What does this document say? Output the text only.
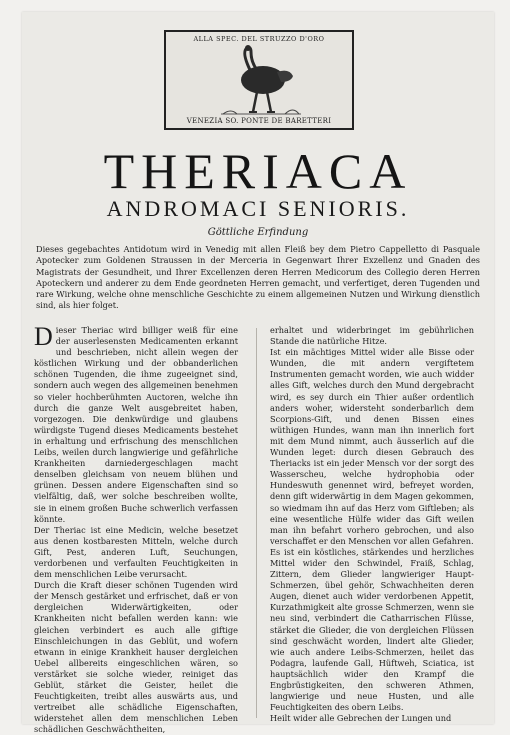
ALLA SPEC. DEL STRUZZO D'ORO
VENEZIA SO. PONTE DE BARETTERI
THERIACA
ANDROMACI SENIORIS.
Göttliche Erfindung
Dieses gegebachtes Antidotum wird in Venedig mit allen Fleiß bey dem Pietro Cappelletto di Pasquale Apotecker zum Goldenen Straussen in der Merceria in Gegenwart Ihrer Exzellenz und Gnaden des Magistrats der Gesundheit, und Ihrer Excellenzen deren Herren Medicorum des Collegio deren Herren Apoteckern und anderer zu dem Ende geordneten Herren gemacht, und verfertiget, deren Tugenden und rare Wirkung, welche ohne menschliche Geschichte zu einem allgemeinen Nutzen und Wirkung dienstlich sind, als hier folget.

Dieser Theriac wird billiger weiß für eine der auserlesensten Medicamenten erkannt und beschrieben, nicht allein wegen der köstlichen Wirkung und der obbanderlichen schönen Tugenden, die ihme zugeeignet sind, sondern auch wegen des allgemeinen benehmen so vieler hochberühmten Auctoren, welche ihn durch die ganze Welt ausgebreitet haben, vorgezogen. Die denkwürdige und glaubens würdigste Tugend dieses Medicaments bestehet in erhaltung und erfrischung des menschlichen Leibs, weilen durch langwierige und gefährliche Krankheiten darniedergeschlagen macht denselben gleichsam von neuem blühen und grünen. Dessen andere Eigenschaften sind so vielfältig, daß, wer solche beschreiben wollte, sie in einem großen Buche schwerlich verfassen könnte.

Der Theriac ist eine Medicin, welche besetzet aus denen kostbaresten Mitteln, welche durch Gift, Pest, anderen Luft, Seuchungen, verdorbenen und verfaulten Feuchtigkeiten in dem menschlichen Leibe verursacht.

Durch die Kraft dieser schönen Tugenden wird der Mensch gestärket und erfrischet, daß er von dergleichen Widerwärtigkeiten, oder Krankheiten nicht befallen werden kann: wie gleichen verbindert es auch alle giftige Einschleichungen in das Geblüt, und wofern etwann in einige Krankheit hauser dergleichen Uebel allbereits eingeschlichen wären, so verstärket sie solche wieder, reiniget das Geblüt, stärket die Geister, heilet die Feuchtigkeiten, treibt alles auswärts aus, und vertreibet alle schädliche Eigenschaften, widerstehet allen dem menschlichen Leben schädlichen Geschwächtheiten,

erhaltet und widerbringet im gebührlichen Stande die natürliche Hitze.

Ist ein mächtiges Mittel wider alle Bisse oder Wunden, die mit andern vergiftetem Instrumenten gemacht worden, wie auch widder alles Gift, welches durch den Mund dergebracht wird, es sey durch ein Thier außer ordentlich anders woher, widersteht sonderbarlich dem Scorpions-Gift, und denen Bissen eines wüthigen Hundes, wann man ihn innerlich fort mit dem Mund nimmt, auch äusserlich auf die Wunden leget: durch diesen Gebrauch des Theriacks ist ein jeder Mensch vor der sorgt des Wasserscheu, welche hydrophobia oder Hundeswuth genennet wird, befreyet worden, denn gift widerwärtig in dem Magen gekommen, so wiedmam ihn auf das Herz vom Giftleben; als eine wesentliche Hülfe wider das Gift weilen man ihn befahrt vorhero gebrochen, und also verschaffet er den Menschen vor allen Gefahren.

Es ist ein köstliches, stärkendes und herzliches Mittel wider den Schwindel, Fraiß, Schlag, Zittern, dem Glieder langwieriger Haupt-Schmerzen, übel gehör, Schwachheiten deren Augen, dienet auch wider verdorbenen Appetit, Kurzathmigkeit alte grosse Schmerzen, wenn sie neu sind, verbindert die Catharrischen Flüsse, stärket die Glieder, die von dergleichen Flüssen sind geschwächt worden, lindert alte Glieder, wie auch andere Leibs-Schmerzen, heilet das Podagra, laufende Gall, Hüftweh, Sciatica, ist hauptsächlich wider den Krampf die Engbrüstigkeiten, den schweren Athmen, langwierige und neue Husten, und alle Feuchtigkeiten des obern Leibs.

Heilt wider alle Gebrechen der Lungen und
